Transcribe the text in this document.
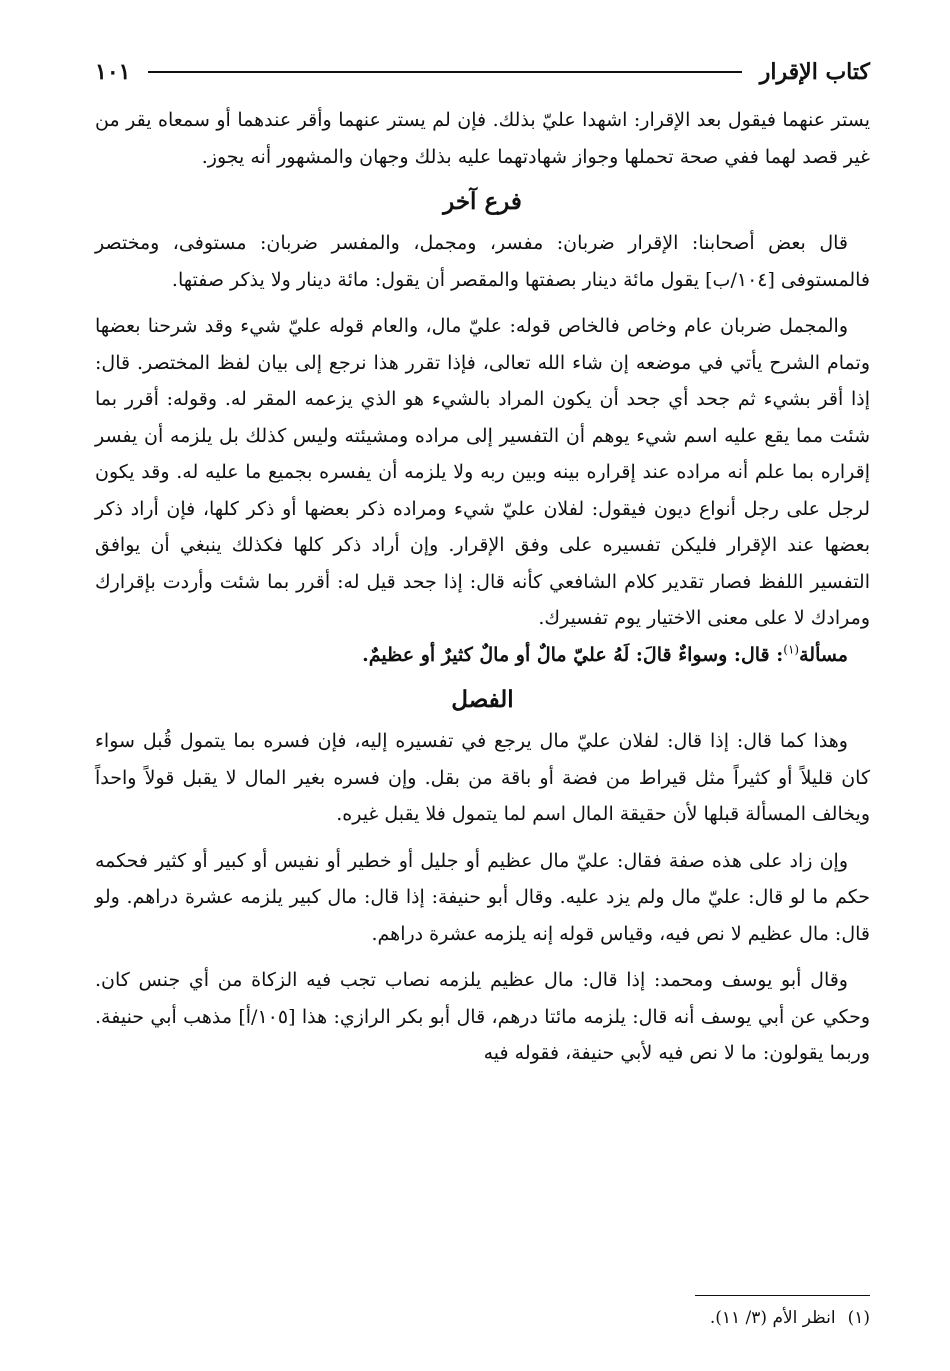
كتاب الإقرار
١٠١

يستر عنهما فيقول بعد الإقرار: اشهدا عليّ بذلك. فإن لم يستر عنهما وأقر عندهما أو سمعاه يقر من غير قصد لهما ففي صحة تحملها وجواز شهادتهما عليه بذلك وجهان والمشهور أنه يجوز.

فرع آخر

قال بعض أصحابنا: الإقرار ضربان: مفسر، ومجمل، والمفسر ضربان: مستوفى، ومختصر فالمستوفى [١٠٤/ب] يقول مائة دينار بصفتها والمقصر أن يقول: مائة دينار ولا يذكر صفتها.

والمجمل ضربان عام وخاص فالخاص قوله: عليّ مال، والعام قوله عليّ شيء وقد شرحنا بعضها وتمام الشرح يأتي في موضعه إن شاء الله تعالى، فإذا تقرر هذا نرجع إلى بيان لفظ المختصر. قال: إذا أقر بشيء ثم جحد أي جحد أن يكون المراد بالشيء هو الذي يزعمه المقر له. وقوله: أقرر بما شئت مما يقع عليه اسم شيء يوهم أن التفسير إلى مراده ومشيئته وليس كذلك بل يلزمه أن يفسر إقراره بما علم أنه مراده عند إقراره بينه وبين ربه ولا يلزمه أن يفسره بجميع ما عليه له. وقد يكون لرجل على رجل أنواع ديون فيقول: لفلان عليّ شيء ومراده ذكر بعضها أو ذكر كلها، فإن أراد ذكر بعضها عند الإقرار فليكن تفسيره على وفق الإقرار. وإن أراد ذكر كلها فكذلك ينبغي أن يوافق التفسير اللفظ فصار تقدير كلام الشافعي كأنه قال: إذا جحد قيل له: أقرر بما شئت وأردت بإقرارك ومرادك لا على معنى الاختيار يوم تفسيرك.

مسألة$^{(١)}$: قال: وسواءٌ قالَ: لَهُ عليّ مالٌ أو مالٌ كثيرٌ أو عظيمٌ.

الفصل

وهذا كما قال: إذا قال: لفلان عليّ مال يرجع في تفسيره إليه، فإن فسره بما يتمول قُبل سواء كان قليلاً أو كثيراً مثل قيراط من فضة أو باقة من بقل. وإن فسره بغير المال لا يقبل قولاً واحداً ويخالف المسألة قبلها لأن حقيقة المال اسم لما يتمول فلا يقبل غيره.

وإن زاد على هذه صفة فقال: عليّ مال عظيم أو جليل أو خطير أو نفيس أو كبير أو كثير فحكمه حكم ما لو قال: عليّ مال ولم يزد عليه. وقال أبو حنيفة: إذا قال: مال كبير يلزمه عشرة دراهم. ولو قال: مال عظيم لا نص فيه، وقياس قوله إنه يلزمه عشرة دراهم.

وقال أبو يوسف ومحمد: إذا قال: مال عظيم يلزمه نصاب تجب فيه الزكاة من أي جنس كان. وحكي عن أبي يوسف أنه قال: يلزمه مائتا درهم، قال أبو بكر الرازي: هذا [١٠٥/أ] مذهب أبي حنيفة. وربما يقولون: ما لا نص فيه لأبي حنيفة، فقوله فيه

(١)انظر الأم (٣/ ١١).
